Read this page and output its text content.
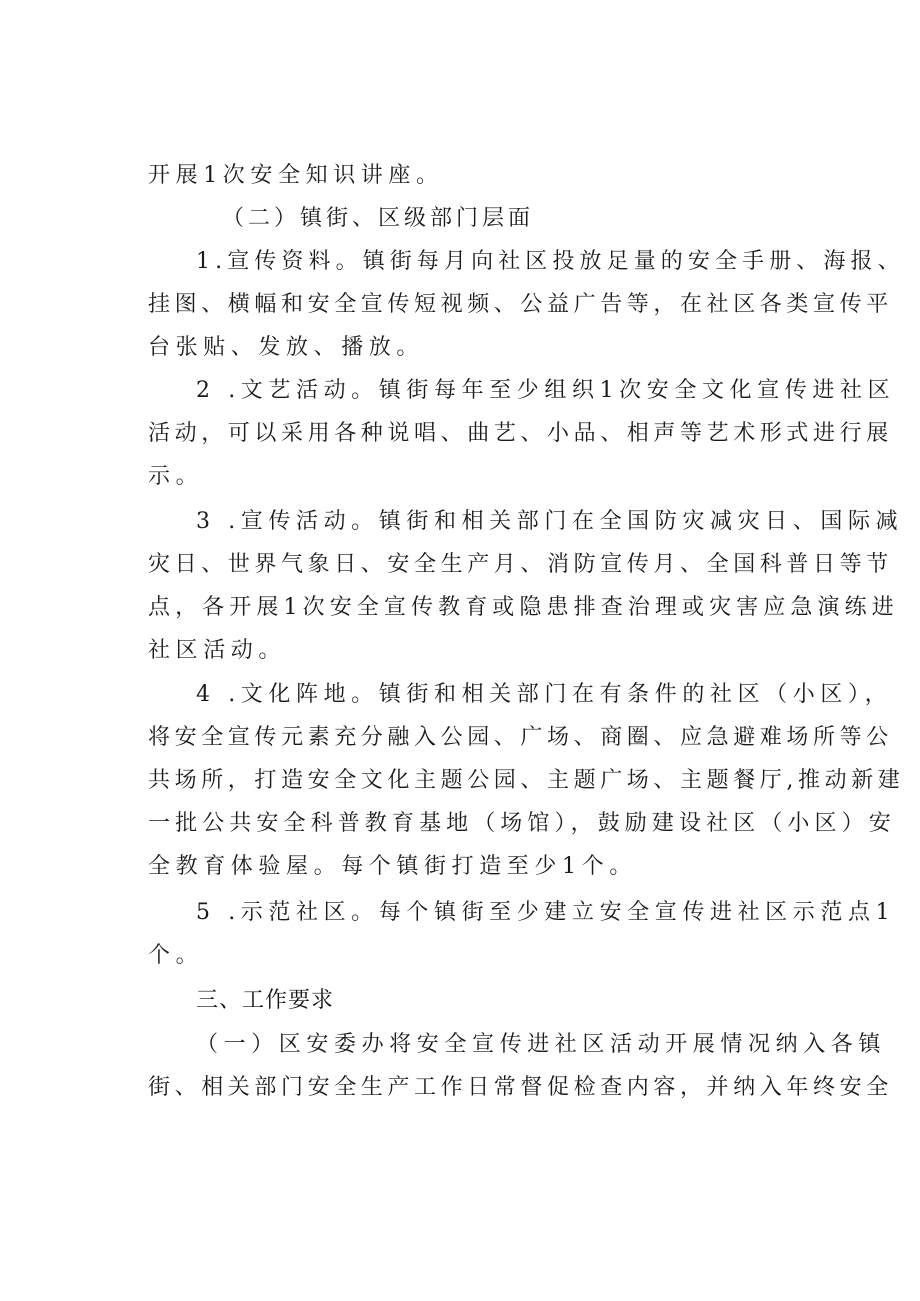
开展1次安全知识讲座。
（二）镇街、区级部门层面
1.宣传资料。镇街每月向社区投放足量的安全手册、海报、
挂图、横幅和安全宣传短视频、公益广告等，在社区各类宣传平
台张贴、发放、播放。
2 .文艺活动。镇街每年至少组织1次安全文化宣传进社区
活动，可以采用各种说唱、曲艺、小品、相声等艺术形式进行展
示。
3 .宣传活动。镇街和相关部门在全国防灾减灾日、国际减
灾日、世界气象日、安全生产月、消防宣传月、全国科普日等节
点，各开展1次安全宣传教育或隐患排查治理或灾害应急演练进
社区活动。
4 .文化阵地。镇街和相关部门在有条件的社区（小区），
将安全宣传元素充分融入公园、广场、商圈、应急避难场所等公
共场所，打造安全文化主题公园、主题广场、主题餐厅,推动新建
一批公共安全科普教育基地（场馆），鼓励建设社区（小区）安
全教育体验屋。每个镇街打造至少1个。
5 .示范社区。每个镇街至少建立安全宣传进社区示范点1
个。
三、工作要求
（一）区安委办将安全宣传进社区活动开展情况纳入各镇
街、相关部门安全生产工作日常督促检查内容，并纳入年终安全
